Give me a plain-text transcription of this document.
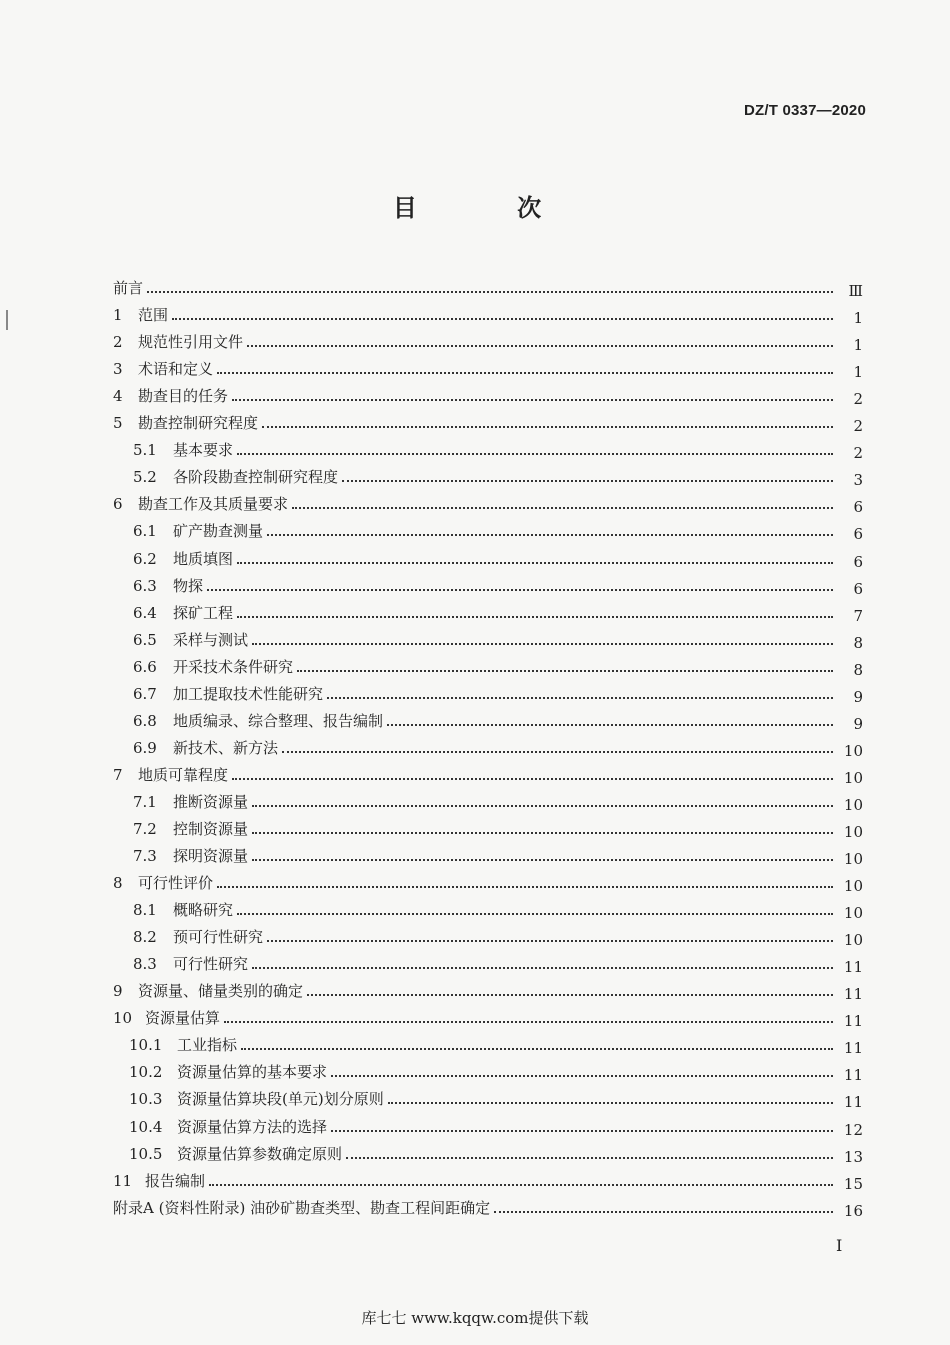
DZ/T 0337—2020
目 次
前言	Ⅲ
1	范围	1
2	规范性引用文件	1
3	术语和定义	1
4	勘查目的任务	2
5	勘查控制研究程度	2
5.1	基本要求	2
5.2	各阶段勘查控制研究程度	3
6	勘查工作及其质量要求	6
6.1	矿产勘查测量	6
6.2	地质填图	6
6.3	物探	6
6.4	探矿工程	7
6.5	采样与测试	8
6.6	开采技术条件研究	8
6.7	加工提取技术性能研究	9
6.8	地质编录、综合整理、报告编制	9
6.9	新技术、新方法	10
7	地质可靠程度	10
7.1	推断资源量	10
7.2	控制资源量	10
7.3	探明资源量	10
8	可行性评价	10
8.1	概略研究	10
8.2	预可行性研究	10
8.3	可行性研究	11
9	资源量、储量类别的确定	11
10 资源量估算	11
10.1 工业指标	11
10.2 资源量估算的基本要求	11
10.3 资源量估算块段(单元)划分原则	11
10.4 资源量估算方法的选择	12
10.5 资源量估算参数确定原则	13
11 报告编制	15
附录A (资料性附录) 油砂矿勘查类型、勘查工程间距确定	16
I
库七七 www.kqqw.com提供下载
